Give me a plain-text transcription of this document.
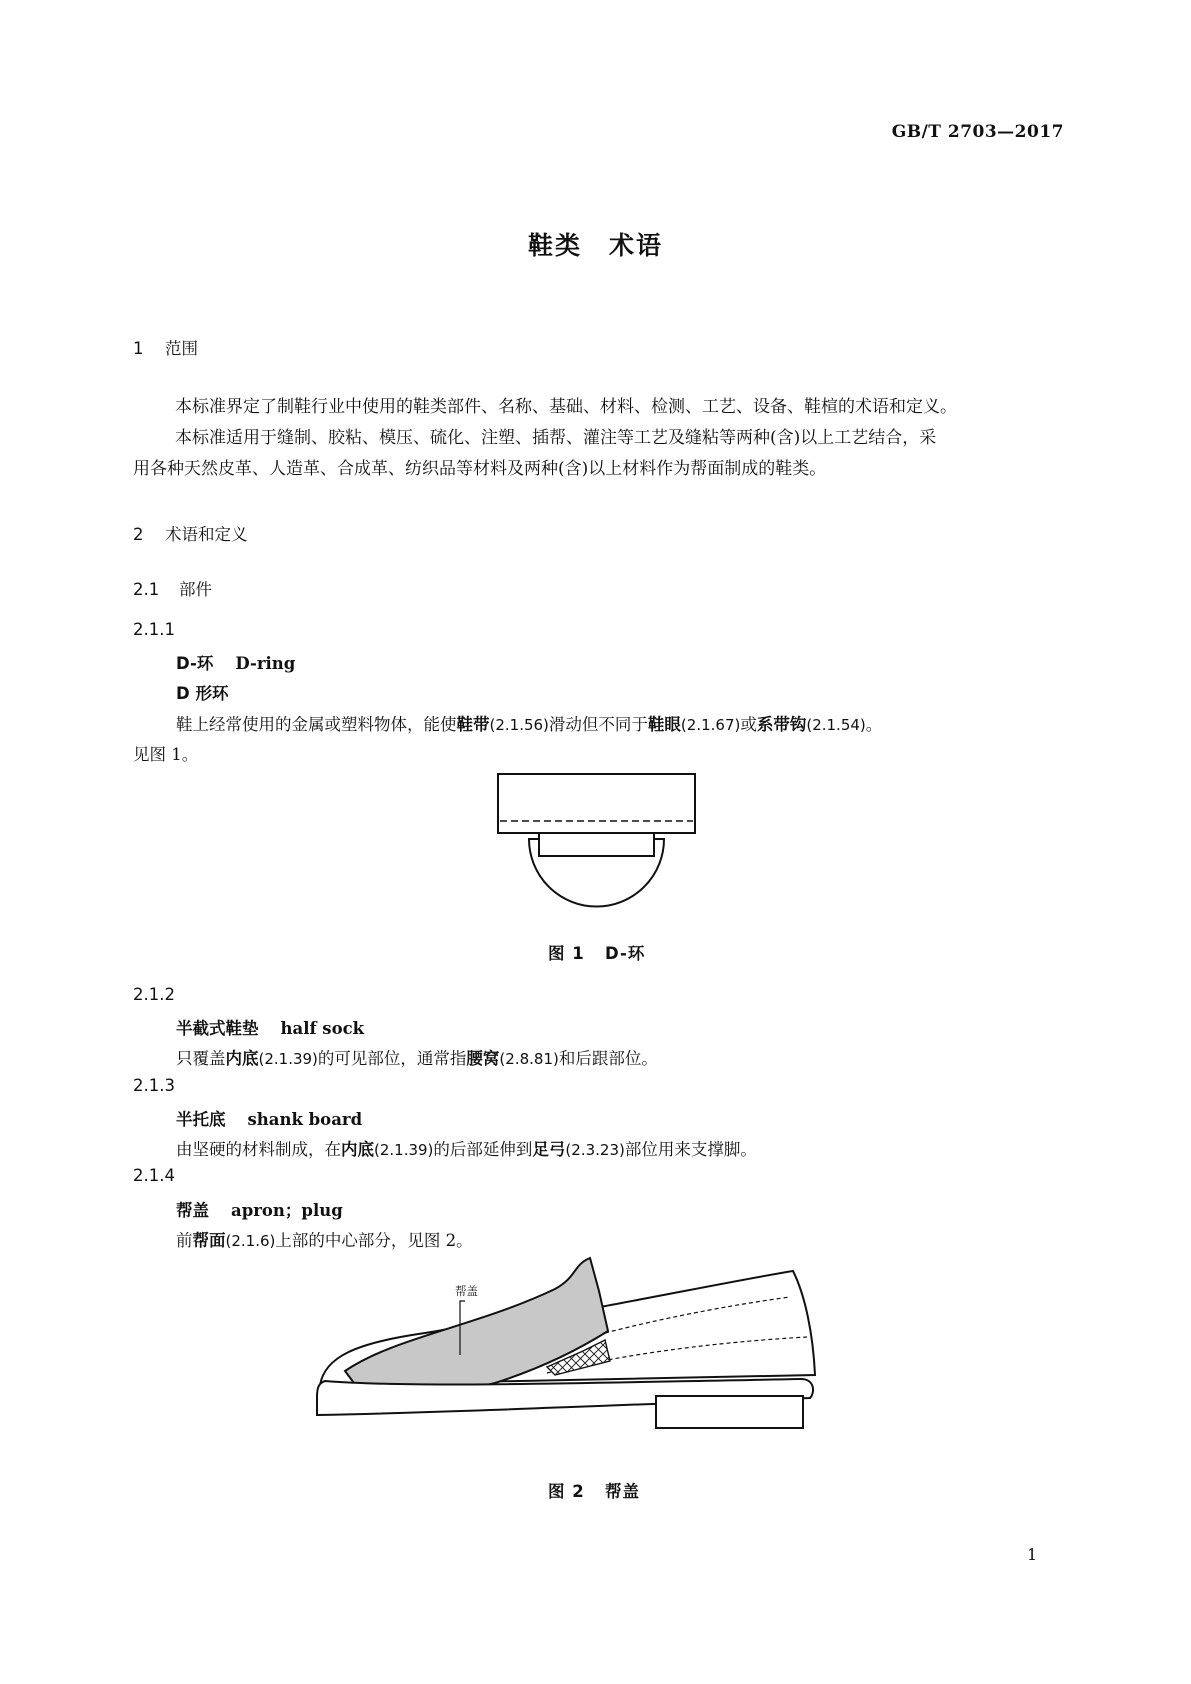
GB/T 2703—2017
鞋类　术语
1 范围

本标准界定了制鞋行业中使用的鞋类部件、名称、基础、材料、检测、工艺、设备、鞋楦的术语和定义。

本标准适用于缝制、胶粘、模压、硫化、注塑、插帮、灌注等工艺及缝粘等两种(含)以上工艺结合，采

用各种天然皮革、人造革、合成革、纺织品等材料及两种(含)以上材料作为帮面制成的鞋类。

2 术语和定义
2.1 部件
2.1.1
D-环 D-ring
D 形环
鞋上经常使用的金属或塑料物体，能使鞋带(2.1.56)滑动但不同于鞋眼(2.1.67)或系带钩(2.1.54)。
见图 1。
图 1 D-环
2.1.2
半截式鞋垫 half sock
只覆盖内底(2.1.39)的可见部位，通常指腰窝(2.8.81)和后跟部位。
2.1.3
半托底 shank board
由坚硬的材料制成，在内底(2.1.39)的后部延伸到足弓(2.3.23)部位用来支撑脚。
2.1.4
帮盖 apron；plug
前帮面(2.1.6)上部的中心部分，见图 2。
帮盖
图 2 帮盖
1
